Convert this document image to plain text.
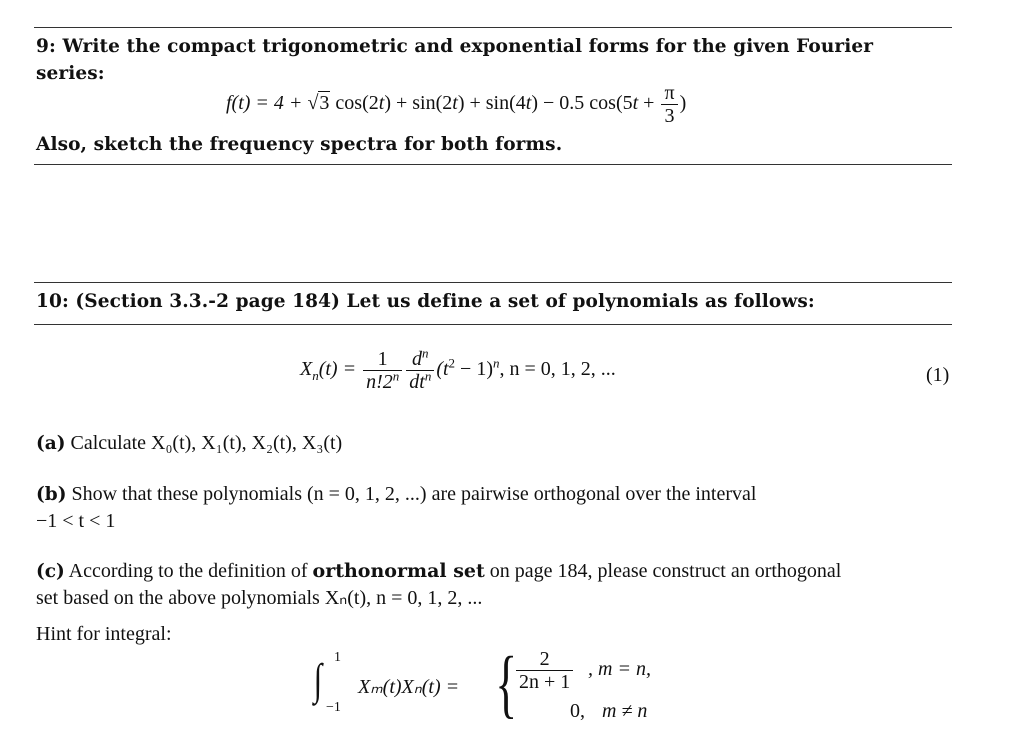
9: Write the compact trigonometric and exponential forms for the given Fourier
series:
f(t) = 4 + √3 cos(2t) + sin(2t) + sin(4t) − 0.5 $\cos(5t + \frac{\pi}{3}$ )
Also, sketch the frequency spectra for both forms.
10: (Section 3.3.-2 page 184) Let us define a set of polynomials as follows:
$X_n(t) = \frac{1}{n!2^n} \frac{d^n}{dt^n} (t^2 - 1)^n$, n = 0, 1, 2, ...	(1)
(a) Calculate X₀(t), X₁(t), X₂(t), X₃(t)
(b) Show that these polynomials (n = 0, 1, 2, ...) are pairwise orthogonal over the interval
−1 < t < 1
(c) According to the definition of orthonormal set on page 184, please construct an orthogonal
set based on the above polynomials Xₙ(t), n = 0, 1, 2, ...
Hint for integral:
∫ 1
−1
Xₘ(t)Xₙ(t) = {
$\frac{2}{2n + 1}$ , m = n,
0, m ≠ n
